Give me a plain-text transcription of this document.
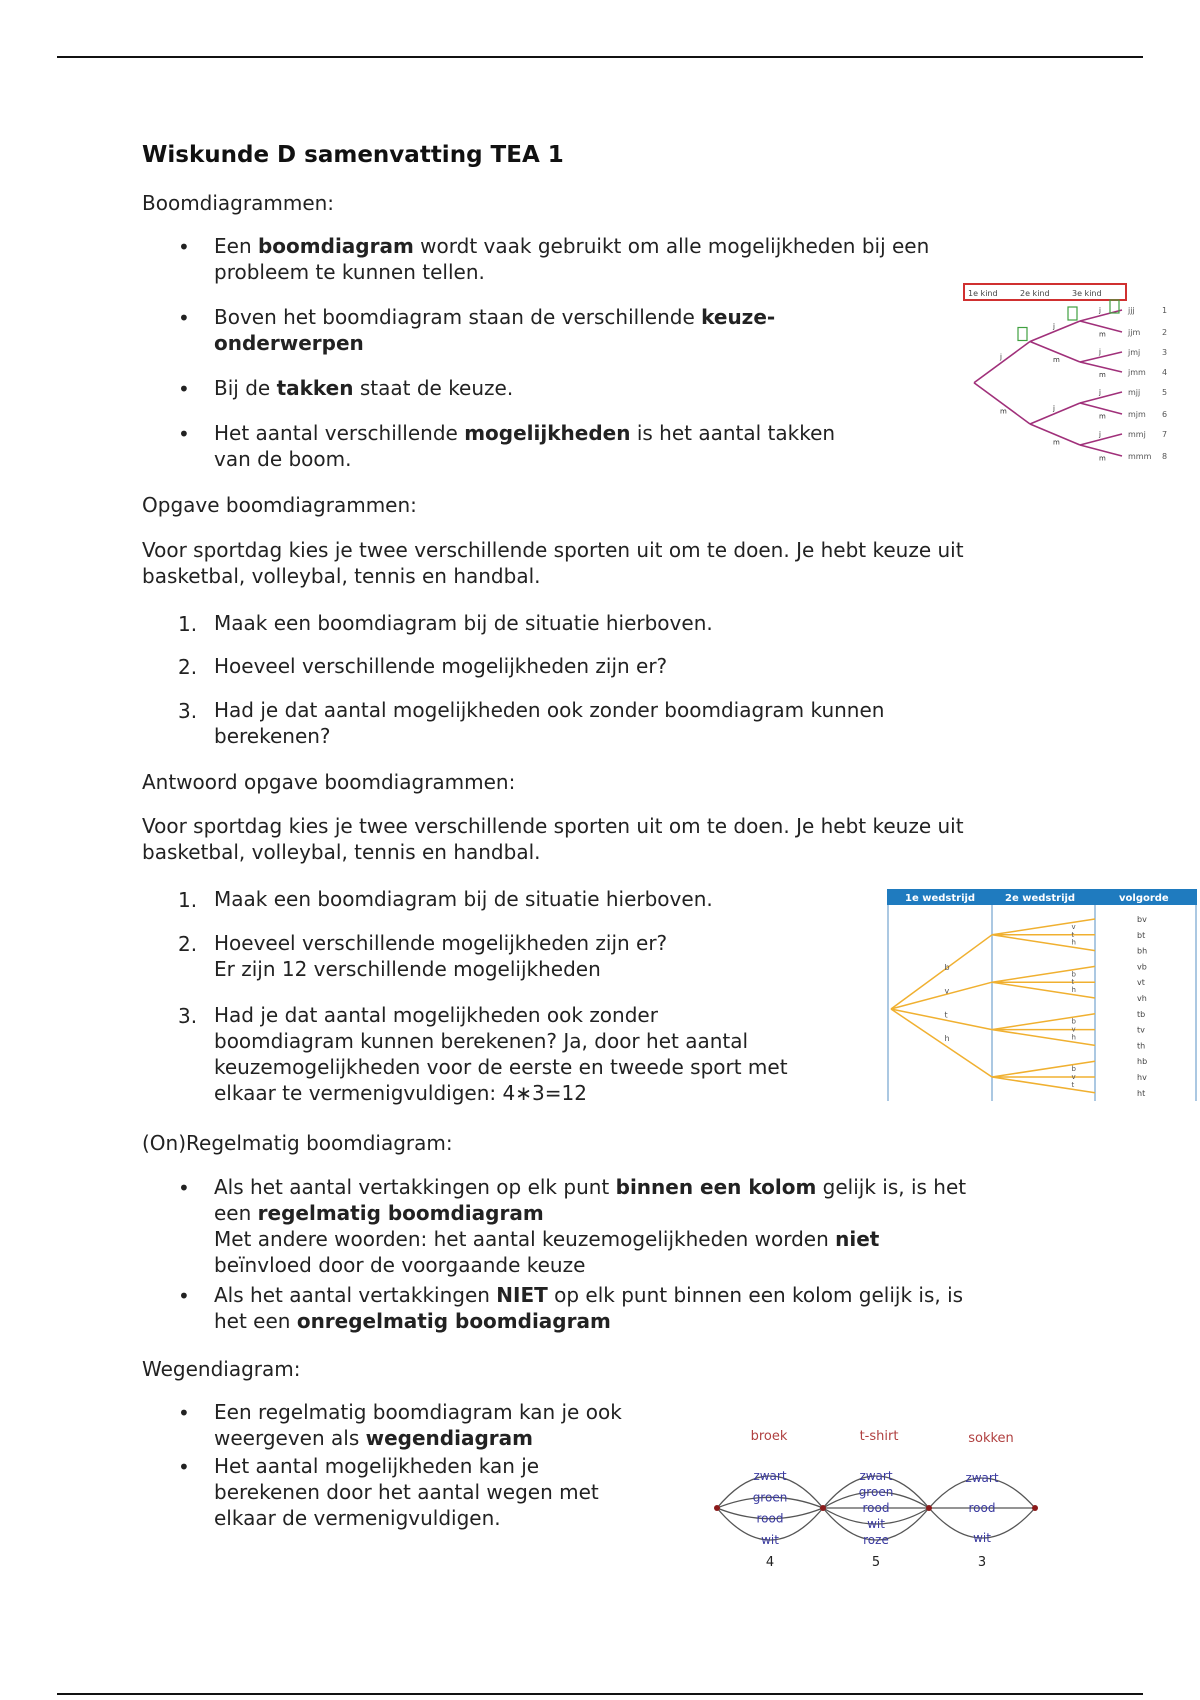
Wiskunde D samenvatting TEA 1
Boomdiagrammen:
• Een boomdiagram wordt vaak gebruikt om alle mogelijkheden bij een
probleem te kunnen tellen.
• Boven het boomdiagram staan de verschillende keuze-
onderwerpen
• Bij de takken staat de keuze.
• Het aantal verschillende mogelijkheden is het aantal takken
van de boom.
Opgave boomdiagrammen:
Voor sportdag kies je twee verschillende sporten uit om te doen. Je hebt keuze uit
basketbal, volleybal, tennis en handbal.
1. Maak een boomdiagram bij de situatie hierboven.
2. Hoeveel verschillende mogelijkheden zijn er?
3. Had je dat aantal mogelijkheden ook zonder boomdiagram kunnen
berekenen?
Antwoord opgave boomdiagrammen:
Voor sportdag kies je twee verschillende sporten uit om te doen. Je hebt keuze uit
basketbal, volleybal, tennis en handbal.
1. Maak een boomdiagram bij de situatie hierboven.
2. Hoeveel verschillende mogelijkheden zijn er?
Er zijn 12 verschillende mogelijkheden
3. Had je dat aantal mogelijkheden ook zonder
boomdiagram kunnen berekenen? Ja, door het aantal
keuzemogelijkheden voor de eerste en tweede sport met
elkaar te vermenigvuldigen: 4∗3=12
(On)Regelmatig boomdiagram:
• Als het aantal vertakkingen op elk punt binnen een kolom gelijk is, is het
een regelmatig boomdiagram
Met andere woorden: het aantal keuzemogelijkheden worden niet
beïnvloed door de voorgaande keuze
• Als het aantal vertakkingen NIET op elk punt binnen een kolom gelijk is, is
het een onregelmatig boomdiagram
Wegendiagram:
• Een regelmatig boomdiagram kan je ook
weergeven als wegendiagram
• Het aantal mogelijkheden kan je
berekenen door het aantal wegen met
elkaar de vermenigvuldigen.
1e kind	2e kind	3e kind
j
m
j
m
j
m
j
m
j
m
j
m
j
m
jjj	1
jjm	2
jmj	3
jmm 4
mjj	5
mjm 6
mmj 7
mmm 8
1e wedstrijd	2e wedstrijd	volgorde
b
v
t
h
v
b
t
h
t
b
v
h
h
b
v
t
bv
bt
bh
vb
vt
vh
tb
tv
th
hb
hv
ht
broek	t-shirt	sokken
zwart
groen
rood
wit
4
zwart
groen
rood
wit
roze
5
zwart
rood
wit
3
